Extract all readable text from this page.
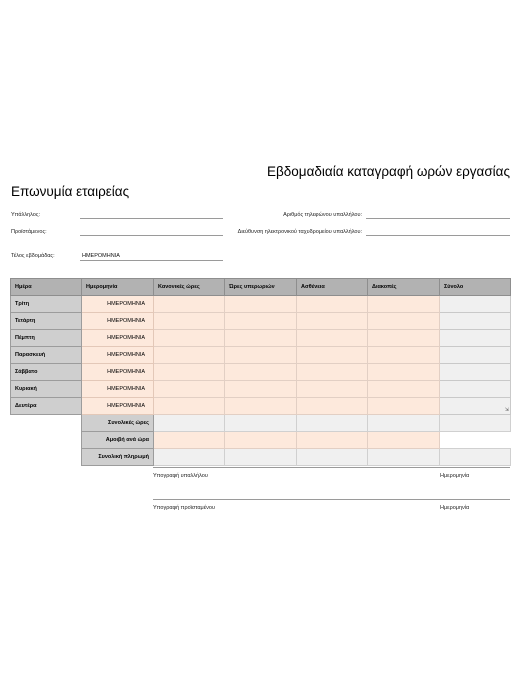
Εβδομαδιαία καταγραφή ωρών εργασίας
Επωνυμία εταιρείας
Υπάλληλος:
Προϊστάμενος:
Τέλος εβδομάδας:	ΗΜΕΡΟΜΗΝΙΑ
Αριθμός τηλεφώνου υπαλλήλου:
Διεύθυνση ηλεκτρονικού ταχυδρομείου υπαλλήλου:
Ημέρα	Ημερομηνία	Κανονικές ώρες	Ώρες υπερωριών	Ασθένεια	Διακοπές	Σύνολο
Τρίτη	ΗΜΕΡΟΜΗΝΙΑ					
Τετάρτη	ΗΜΕΡΟΜΗΝΙΑ					
Πέμπτη	ΗΜΕΡΟΜΗΝΙΑ					
Παρασκευή	ΗΜΕΡΟΜΗΝΙΑ					
Σάββατο	ΗΜΕΡΟΜΗΝΙΑ					
Κυριακή	ΗΜΕΡΟΜΗΝΙΑ					
Δευτέρα	ΗΜΕΡΟΜΗΝΙΑ					⇲

	Συνολικές ώρες					
	Αμοιβή ανά ώρα					
	Συνολική πληρωμή					
Υπογραφή υπαλλήλου	Ημερομηνία
Υπογραφή προϊσταμένου	Ημερομηνία
